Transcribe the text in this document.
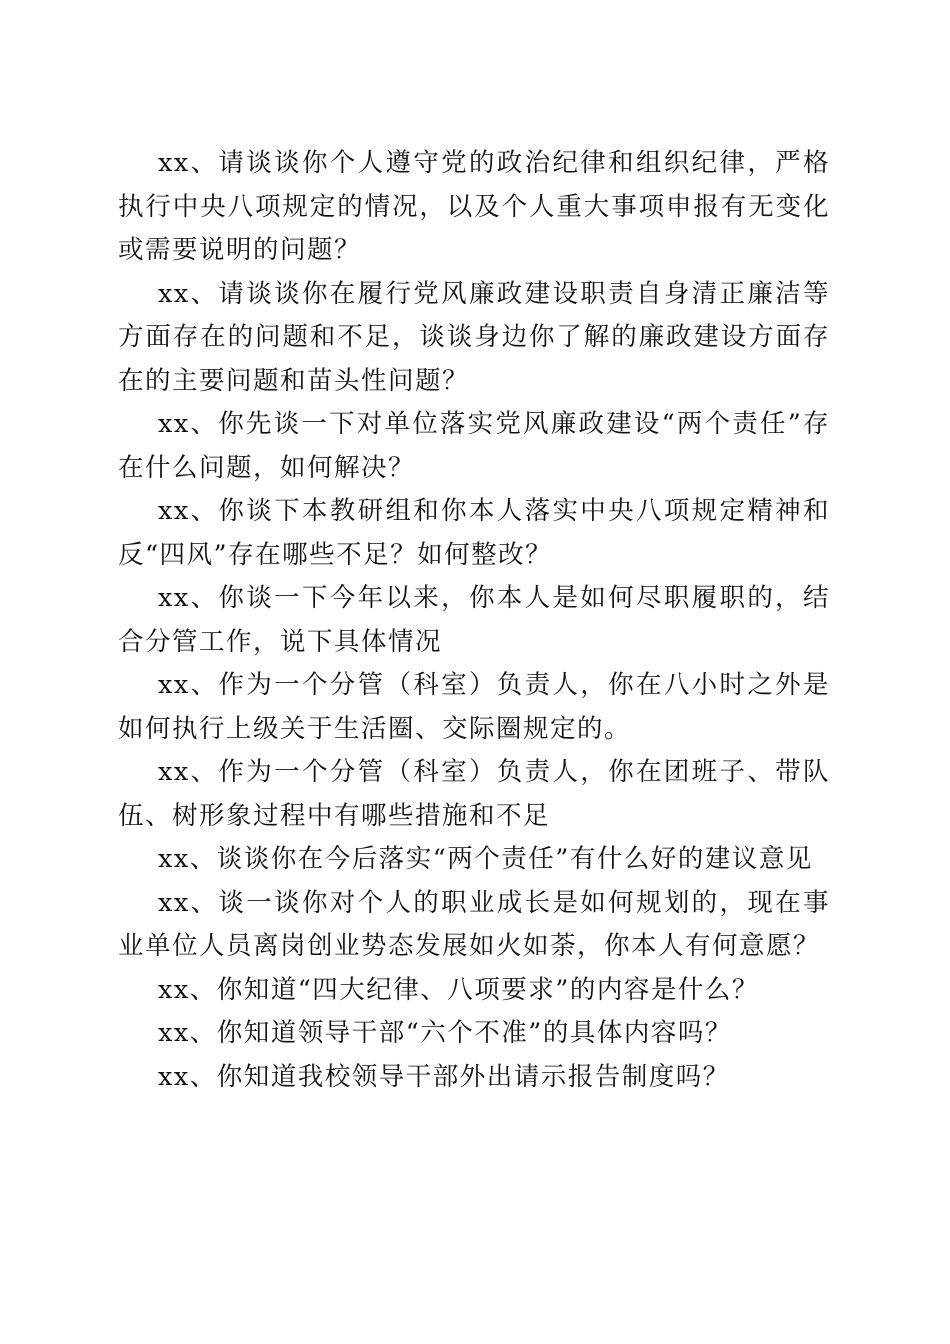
xx、请谈谈你个人遵守党的政治纪律和组织纪律，严格执行中央八项规定的情况，以及个人重大事项申报有无变化或需要说明的问题？

xx、请谈谈你在履行党风廉政建设职责自身清正廉洁等方面存在的问题和不足，谈谈身边你了解的廉政建设方面存在的主要问题和苗头性问题？

xx、你先谈一下对单位落实党风廉政建设“两个责任”存在什么问题，如何解决？

xx、你谈下本教研组和你本人落实中央八项规定精神和反“四风”存在哪些不足？如何整改？

xx、你谈一下今年以来，你本人是如何尽职履职的，结合分管工作，说下具体情况

xx、作为一个分管（科室）负责人，你在八小时之外是如何执行上级关于生活圈、交际圈规定的。

xx、作为一个分管（科室）负责人，你在团班子、带队伍、树形象过程中有哪些措施和不足

xx、谈谈你在今后落实“两个责任”有什么好的建议意见

xx、谈一谈你对个人的职业成长是如何规划的，现在事业单位人员离岗创业势态发展如火如荼，你本人有何意愿？

xx、你知道“四大纪律、八项要求”的内容是什么？

xx、你知道领导干部“六个不准”的具体内容吗？

xx、你知道我校领导干部外出请示报告制度吗？
